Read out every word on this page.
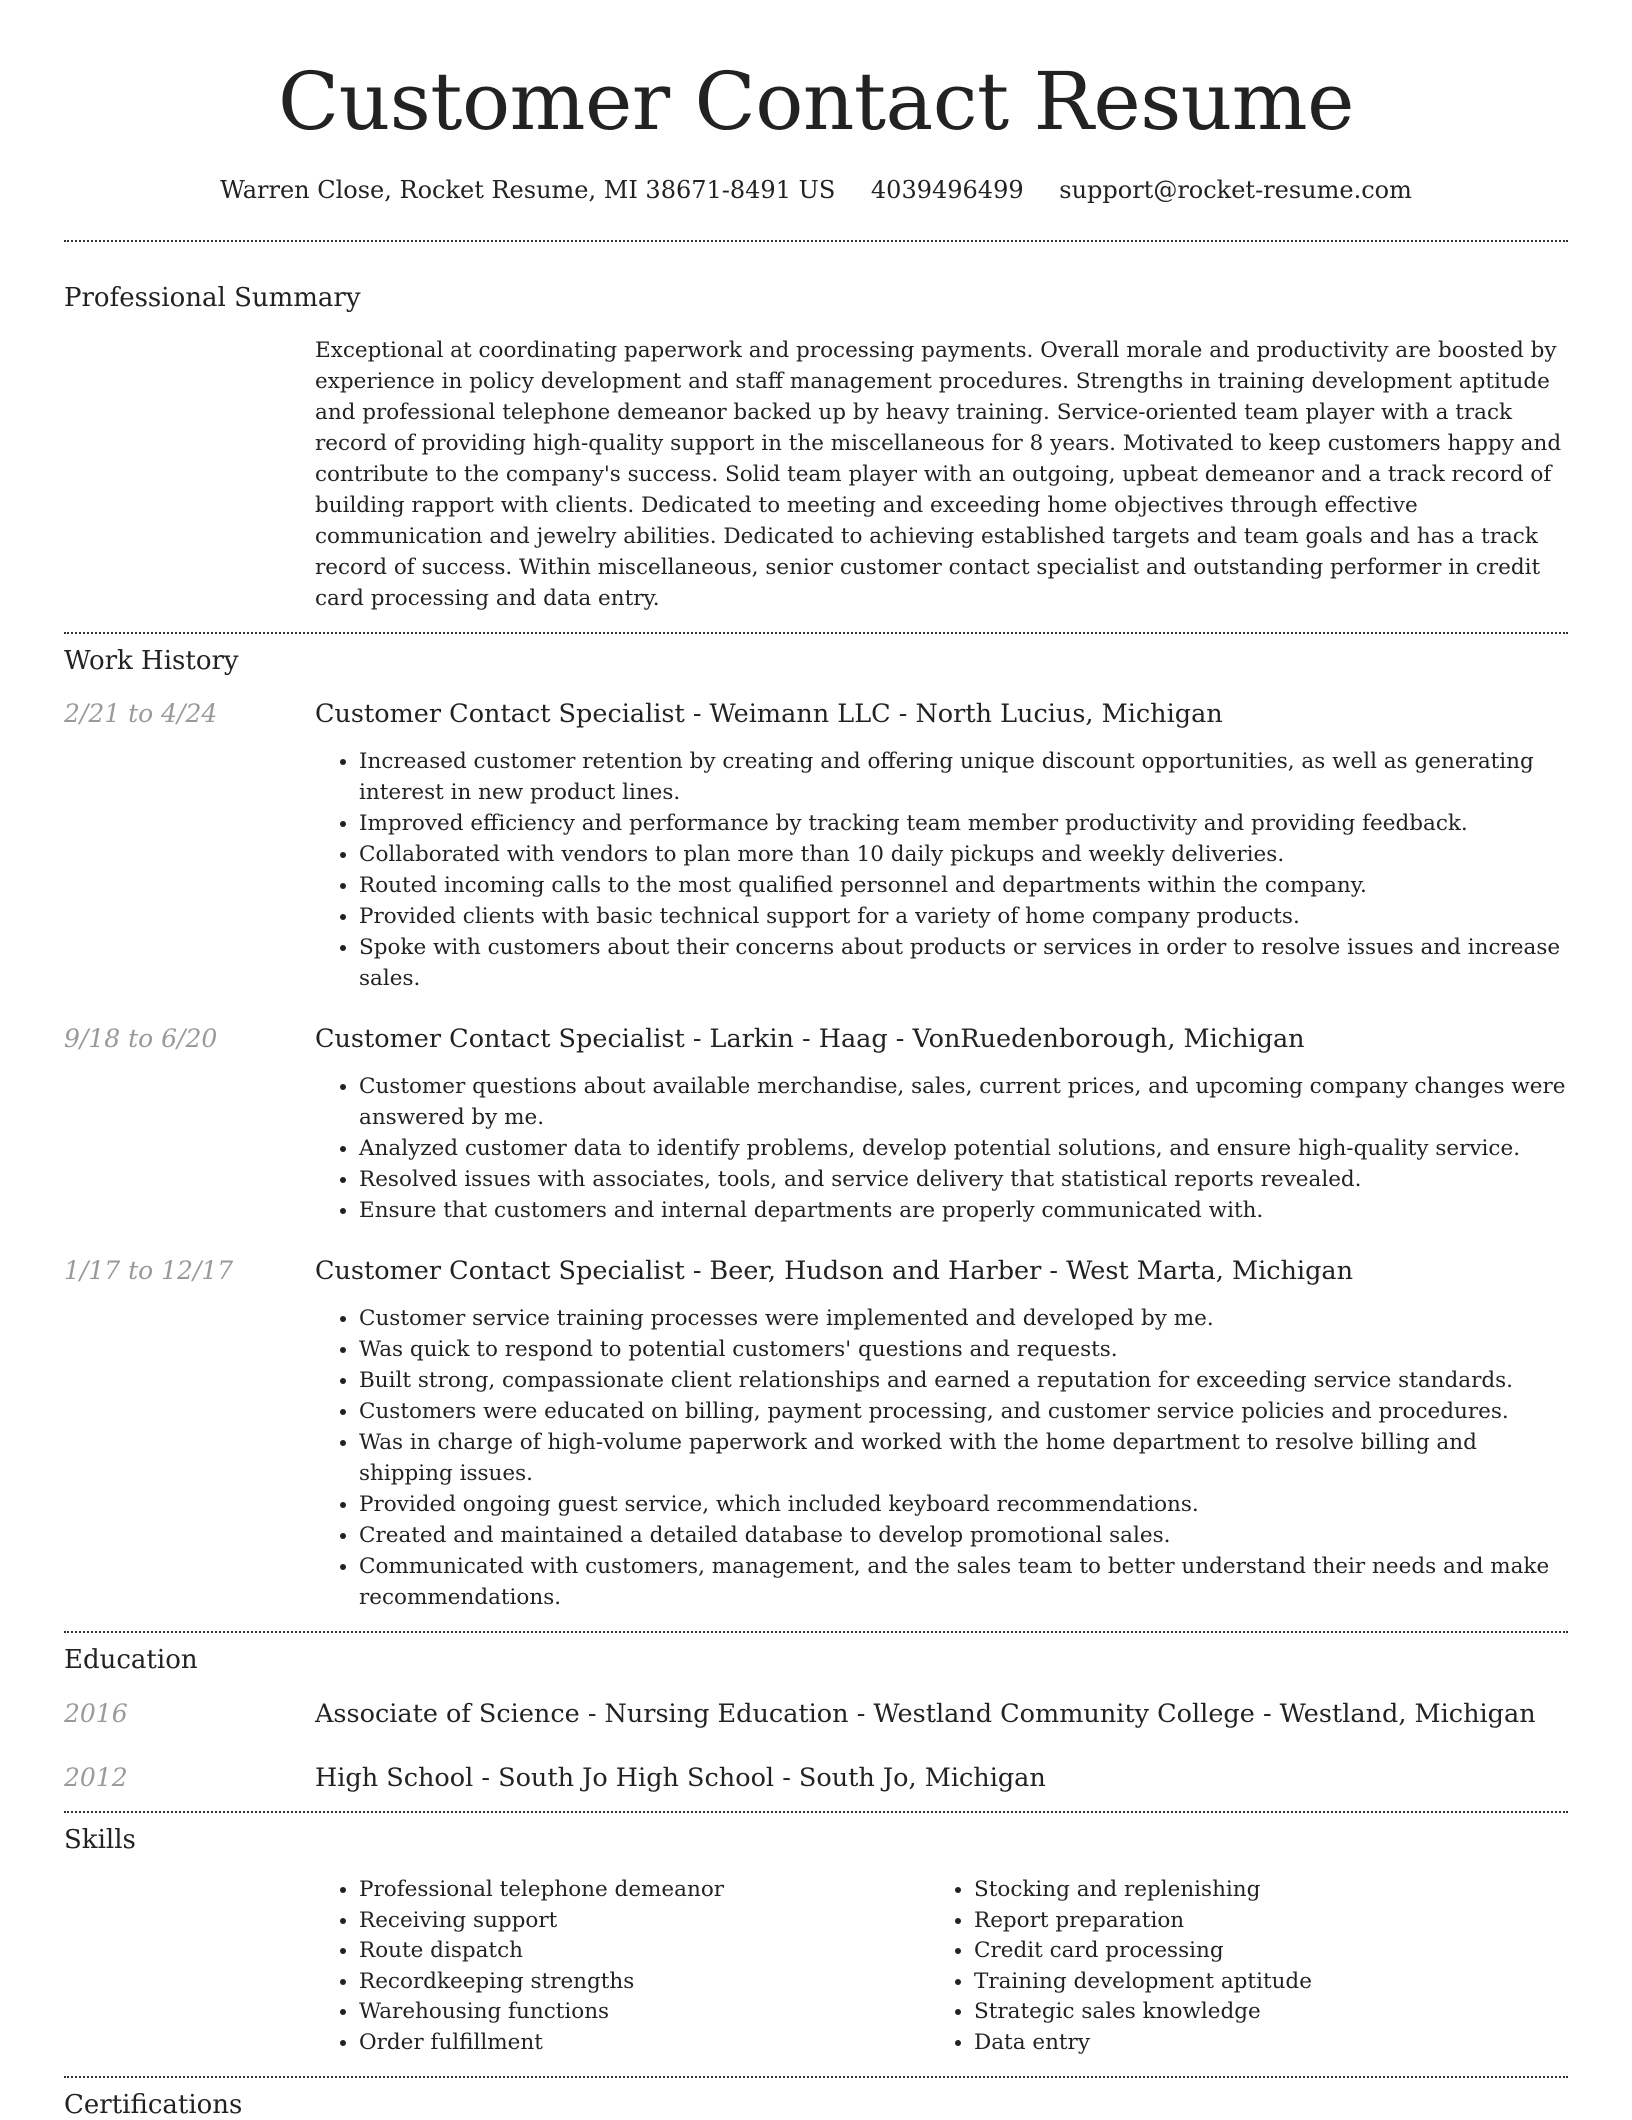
Customer Contact Resume
Warren Close, Rocket Resume, MI 38671-8491 US 4039496499 support@rocket-resume.com
Professional Summary
Exceptional at coordinating paperwork and processing payments. Overall morale and productivity are boosted by experience in policy development and staff management procedures. Strengths in training development aptitude and professional telephone demeanor backed up by heavy training. Service-oriented team player with a track record of providing high-quality support in the miscellaneous for 8 years. Motivated to keep customers happy and contribute to the company's success. Solid team player with an outgoing, upbeat demeanor and a track record of building rapport with clients. Dedicated to meeting and exceeding home objectives through effective communication and jewelry abilities. Dedicated to achieving established targets and team goals and has a track record of success. Within miscellaneous, senior customer contact specialist and outstanding performer in credit card processing and data entry.
Work History
2/21 to 4/24	Customer Contact Specialist - Weimann LLC - North Lucius, Michigan
• Increased customer retention by creating and offering unique discount opportunities, as well as generating interest in new product lines.
• Improved efficiency and performance by tracking team member productivity and providing feedback.
• Collaborated with vendors to plan more than 10 daily pickups and weekly deliveries.
• Routed incoming calls to the most qualified personnel and departments within the company.
• Provided clients with basic technical support for a variety of home company products.
• Spoke with customers about their concerns about products or services in order to resolve issues and increase sales.
9/18 to 6/20	Customer Contact Specialist - Larkin - Haag - VonRuedenborough, Michigan
• Customer questions about available merchandise, sales, current prices, and upcoming company changes were answered by me.
• Analyzed customer data to identify problems, develop potential solutions, and ensure high-quality service.
• Resolved issues with associates, tools, and service delivery that statistical reports revealed.
• Ensure that customers and internal departments are properly communicated with.
1/17 to 12/17	Customer Contact Specialist - Beer, Hudson and Harber - West Marta, Michigan
• Customer service training processes were implemented and developed by me.
• Was quick to respond to potential customers' questions and requests.
• Built strong, compassionate client relationships and earned a reputation for exceeding service standards.
• Customers were educated on billing, payment processing, and customer service policies and procedures.
• Was in charge of high-volume paperwork and worked with the home department to resolve billing and shipping issues.
• Provided ongoing guest service, which included keyboard recommendations.
• Created and maintained a detailed database to develop promotional sales.
• Communicated with customers, management, and the sales team to better understand their needs and make recommendations.
Education
2016	Associate of Science - Nursing Education - Westland Community College - Westland, Michigan
2012	High School - South Jo High School - South Jo, Michigan
Skills
• Professional telephone demeanor
• Receiving support
• Route dispatch
• Recordkeeping strengths
• Warehousing functions
• Order fulfillment
• Stocking and replenishing
• Report preparation
• Credit card processing
• Training development aptitude
• Strategic sales knowledge
• Data entry
Certifications
